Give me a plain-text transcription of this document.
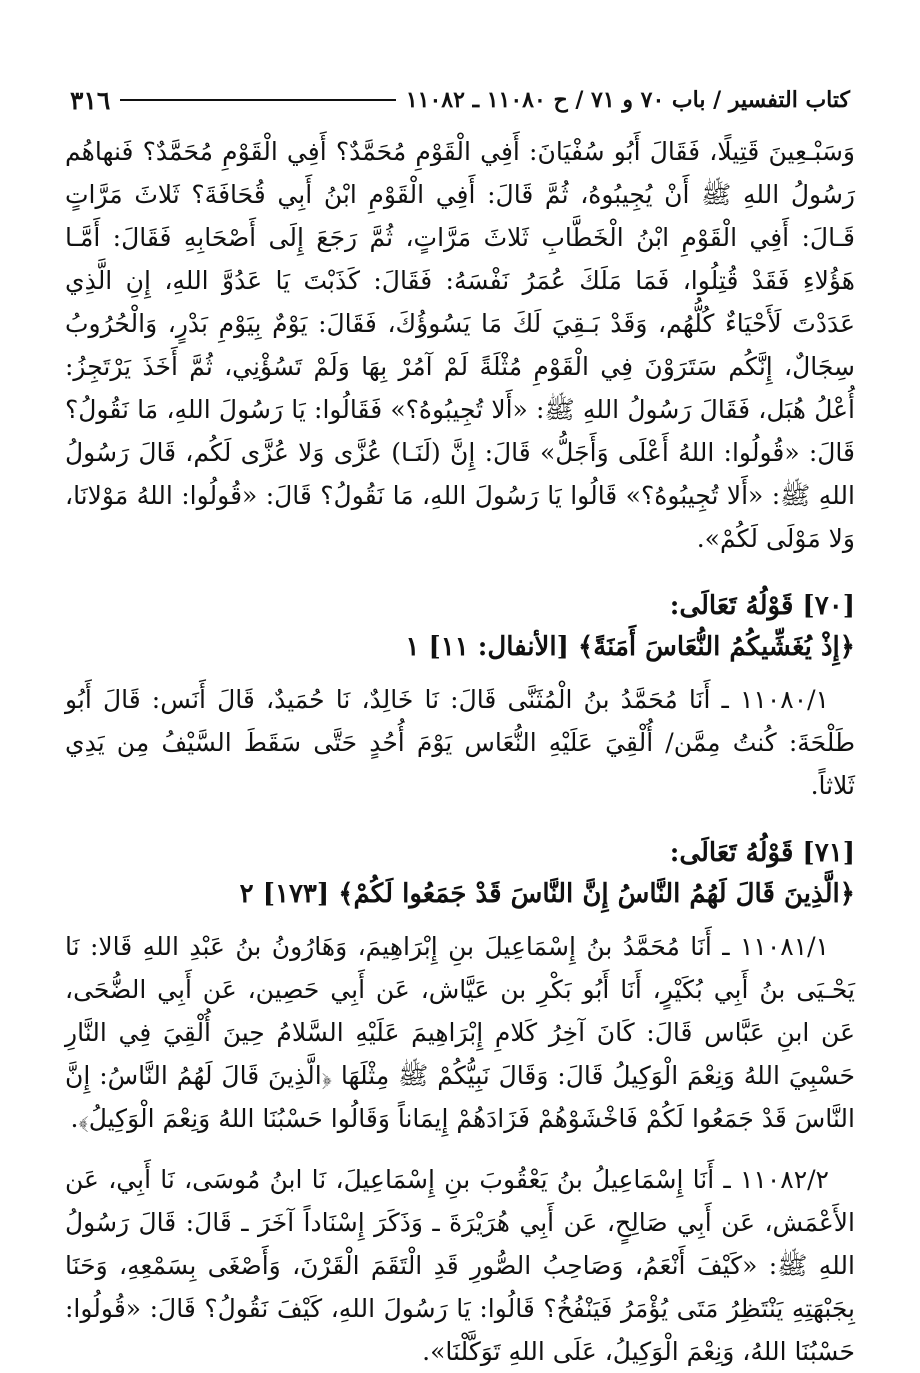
٣١٦	كتاب التفسير / باب ٧٠ و ٧١ / ح ١١٠٨٠ ـ ١١٠٨٢

وَسَبْـعِينَ قَتِيلًا، فَقَالَ أَبُو سُفْيَانَ: أَفِي الْقَوْمِ مُحَمَّدٌ؟ أَفِي الْقَوْمِ مُحَمَّدٌ؟ فَنهاهُم رَسُولُ اللهِ ﷺ أَنْ يُجِيبُوهُ، ثُمَّ قَالَ: أَفِي الْقَوْمِ ابْنُ أَبِي قُحَافَةَ؟ ثَلاثَ مَرَّاتٍ قَـالَ: أَفِي الْقَوْمِ ابْنُ الْخَطَّابِ ثَلاثَ مَرَّاتٍ، ثُمَّ رَجَعَ إِلَى أَصْحَابِهِ فَقَالَ: أَمَّـا هَؤُلاءِ فَقَدْ قُتِلُوا، فَمَا مَلَكَ عُمَرُ نَفْسَهُ: فَقَالَ: كَذَبْتَ يَا عَدُوَّ اللهِ، إِنِ الَّذِي عَدَدْتَ لَأَحْيَاءٌ كُلُّهُم، وَقَدْ بَـقِيَ لَكَ مَا يَسُوؤُكَ، فَقَالَ: يَوْمٌ بِيَوْمِ بَدْرٍ، وَالْحُرُوبُ سِجَالٌ، إِنَّكُم سَتَرَوْنَ فِي الْقَوْمِ مُثْلَةً لَمْ آمُرْ بِهَا وَلَمْ تَسُؤْنِي، ثُمَّ أَخَذَ يَرْتَجِزُ: أُعْلُ هُبَل، فَقَالَ رَسُولُ اللهِ ﷺ: «أَلا تُجِيبُوهُ؟» فَقَالُوا: يَا رَسُولَ اللهِ، مَا نَقُولُ؟ قَالَ: «قُولُوا: اللهُ أَعْلَى وَأَجَلُّ» قَالَ: إِنَّ (لَنَـا) عُزَّى وَلا عُزَّى لَكُم، قَالَ رَسُولُ اللهِ ﷺ: «أَلا تُجِيبُوهُ؟» قَالُوا يَا رَسُولَ اللهِ، مَا نَقُولُ؟ قَالَ: «قُولُوا: اللهُ مَوْلانَا، وَلا مَوْلَى لَكُمْ».

[٧٠] قَوْلُهُ تَعَالَى:
﴿إِذْ يُغَشِّيكُمُ النُّعَاسَ أَمَنَةً﴾ [الأنفال: ١١] ١

١١٠٨٠/١ ـ أَنَا مُحَمَّدُ بنُ الْمُثَنَّى قَالَ: نَا خَالِدٌ، نَا حُمَيدٌ، قَالَ أَنَس: قَالَ أَبُو طَلْحَةَ: كُنتُ مِمَّن/ أُلْقِيَ عَلَيْهِ النُّعَاس يَوْمَ أُحُدٍ حَتَّى سَقَطَ السَّيْفُ مِن يَدِي ثَلاثاً.

[٧١] قَوْلُهُ تَعَالَى:
﴿الَّذِينَ قَالَ لَهُمُ النَّاسُ إِنَّ النَّاسَ قَدْ جَمَعُوا لَكُمْ﴾ [١٧٣] ٢

١١٠٨١/١ ـ أَنَا مُحَمَّدُ بنُ إِسْمَاعِيلَ بنِ إِبْرَاهِيمَ، وَهَارُونُ بنُ عَبْدِ اللهِ قَالا: نَا يَحْـيَى بنُ أَبِي بُكَيْرٍ، أَنَا أَبُو بَكْرِ بن عَيَّاش، عَن أَبِي حَصِين، عَن أَبِي الضُّحَى، عَن ابنِ عَبَّاس قَالَ: كَانَ آخِرُ كَلامِ إِبْرَاهِيمَ عَلَيْهِ السَّلامُ حِينَ أُلْقِيَ فِي النَّارِ حَسْبِيَ اللهُ وَنِعْمَ الْوَكِيلُ قَالَ: وَقَالَ نَبِيُّكُمْ ﷺ مِثْلَهَا ﴿الَّذِينَ قَالَ لَهُمُ النَّاسُ: إِنَّ النَّاسَ قَدْ جَمَعُوا لَكُمْ فَاخْشَوْهُمْ فَزَادَهُمْ إِيمَاناً وَقَالُوا حَسْبُنَا اللهُ وَنِعْمَ الْوَكِيلُ﴾.

١١٠٨٢/٢ ـ أَنَا إِسْمَاعِيلُ بنُ يَعْقُوبَ بنِ إِسْمَاعِيلَ، نَا ابنُ مُوسَى، نَا أَبِي، عَن الأَعْمَش، عَن أَبِي صَالِحٍ، عَن أَبِي هُرَيْرَةَ ـ وَذَكَرَ إِسْنَاداً آخَرَ ـ قَالَ: قَالَ رَسُولُ اللهِ ﷺ: «كَيْفَ أَنْعَمُ، وَصَاحِبُ الصُّورِ قَدِ الْتَقَمَ الْقَرْنَ، وَأَصْغَى بِسَمْعِهِ، وَحَنَا بِجَبْهَتِهِ يَنْتَظِرُ مَتَى يُؤْمَرُ فَيَنْفُخُ؟ قَالُوا: يَا رَسُولَ اللهِ، كَيْفَ نَقُولُ؟ قَالَ: «قُولُوا: حَسْبُنَا اللهُ، وَنِعْمَ الْوَكِيلُ، عَلَى اللهِ تَوَكَّلْنَا».
